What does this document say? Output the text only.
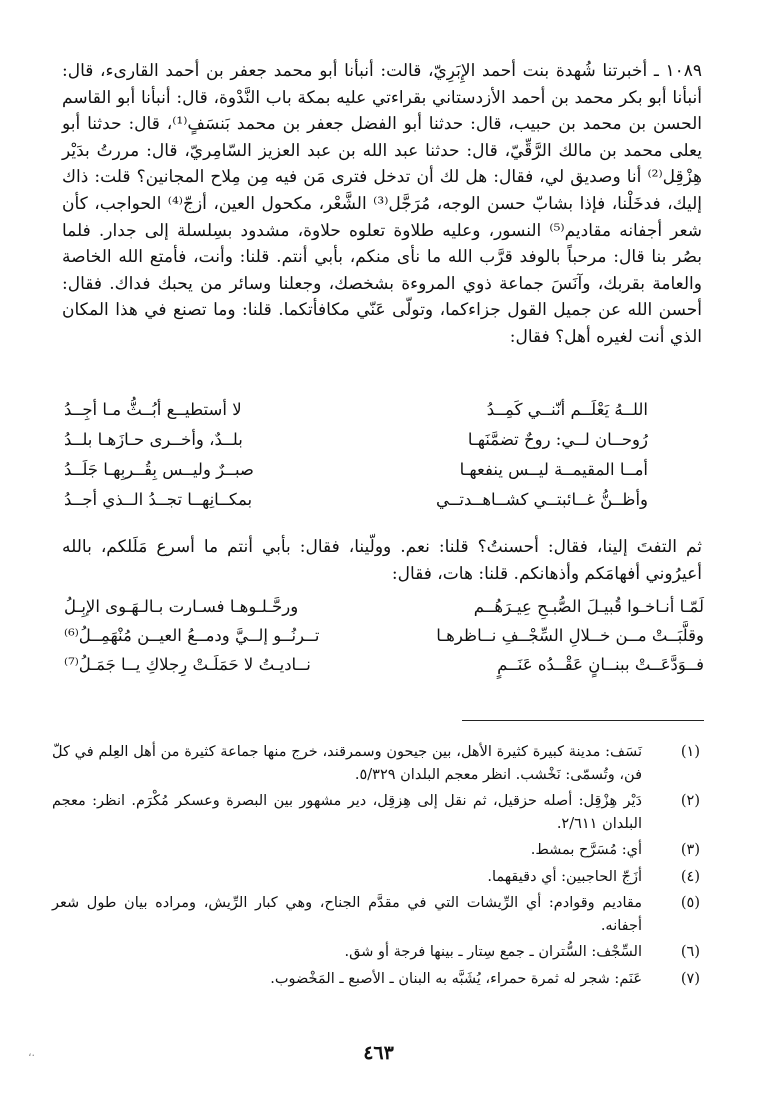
١٠٨٩ ـ أخبرتنا شُهدة بنت أحمد الإِبَرِيّ، قالت: أنبأنا أبو محمد جعفر بن أحمد القارىء، قال: أنبأنا أبو بكر محمد بن أحمد الأزدستاني بقراءتي عليه بمكة باب النَّدْوة، قال: أنبأنا أبو القاسم الحسن بن محمد بن حبيب، قال: حدثنا أبو الفضل جعفر بن محمد بَنسَفٍ⁽¹⁾، قال: حدثنا أبو يعلى محمد بن مالك الرَّقِّيّ، قال: حدثنا عبد الله بن عبد العزيز السّامِريّ، قال: مررتُ بدَيْر هِزْقِل⁽²⁾ أنا وصديق لي، فقال: هل لك أن تدخل فترى مَن فيه مِن مِلاح المجانين؟ قلت: ذاك إليك، فدخَلْنا، فإذا بشابّ حسن الوجه، مُرَجَّل⁽³⁾ الشَّعْر، مكحول العين، أزجّ⁽⁴⁾ الحواجب، كأن شعر أجفانه مقاديم⁽⁵⁾ النسور، وعليه طلاوة تعلوه حلاوة، مشدود بسِلسلة إلى جدار. فلما بصُر بنا قال: مرحباً بالوفد قرَّب الله ما نأى منكم، بأبي أنتم. قلنا: وأنت، فأمتع الله الخاصة والعامة بقربك، وآنَسَ جماعة ذوي المروءة بشخصك، وجعلنا وسائر من يحبك فداك. فقال: أحسن الله عن جميل القول جزاءكما، وتولّى عَنّي مكافأتكما. قلنا: وما تصنع في هذا المكان الذي أنت لغيره أهل؟ فقال:

اللــهُ يَعْلَــم أنّنــي كَمِــدُ
لا أستطيــع أبُــثُّ مـا أجِــدُ
رُوحــان لــي: روحٌ تضمَّنَهـا
بلــدٌ، وأخــرى حـازَهـا بلــدُ
أمــا المقيمــة ليــس ينفعهـا
صبــرٌ وليــس بِقُــربِهـا جَلَــدُ
وأظــنُّ غــائبتــي كشــاهــدتــي
بمكــانِهــا تجــدُ الــذي أجــدُ

ثم التفتَ إلينا، فقال: أحسنتُ؟ قلنا: نعم. وولّينا، فقال: بأبي أنتم ما أسرع مَلَلكم، بالله أعيرُوني أفهامَكم وأذهانكم. قلنا: هات، فقال:

لَمّـا أنـاخـوا قُبيـلَ الصُّبـحِ عِيـرَهُــم
ورحَّـلـوهـا فسـارت بـالـهَـوى الإبِـلُ
وقلَّبَــتْ مــن خــلالِ السِّجْــفِ نــاظرهـا
تــرنُــو إلــيَّ ودمــعُ العيــن مُنْهَمِــلُ⁽⁶⁾
فــوَدَّعَــتْ ببنــانٍ عَقْــدُه عَنَــمٍ
نــاديـتُ لا حَمَلَـتْ رِجلاكِ يــا جَمَـلُ⁽⁷⁾
(١)
نَسَف: مدينة كبيرة كثيرة الأهل، بين جيحون وسمرقند، خرج منها جماعة كثيرة من أهل العِلم في كلّ فن، وتُسمّى: نَخْشب. انظر معجم البلدان ٥/٣٢٩.
(٢)
دَيْر هِزْقِل: أصله حزقيل، ثم نقل إلى هِزقِل، دير مشهور بين البصرة وعسكر مُكْرَم. انظر: معجم البلدان ٢/٦١١.
(٣)
أي: مُسَرَّح بمشط.
(٤)
أزَجّ الحاجبين: أي دقيقهما.
(٥)
مقاديم وقوادم: أي الرِّيشات التي في مقدَّم الجناح، وهي كبار الرِّيش، ومراده بيان طول شعر أجفانه.
(٦)
السِّجْف: السُّتران ـ جمع سِتار ـ بينها فرجة أو شق.
(٧)
عَنَم: شجر له ثمرة حمراء، يُشَبَّه به البنان ـ الأصبع ـ المَخْضوب.
٤٦٣
،.
